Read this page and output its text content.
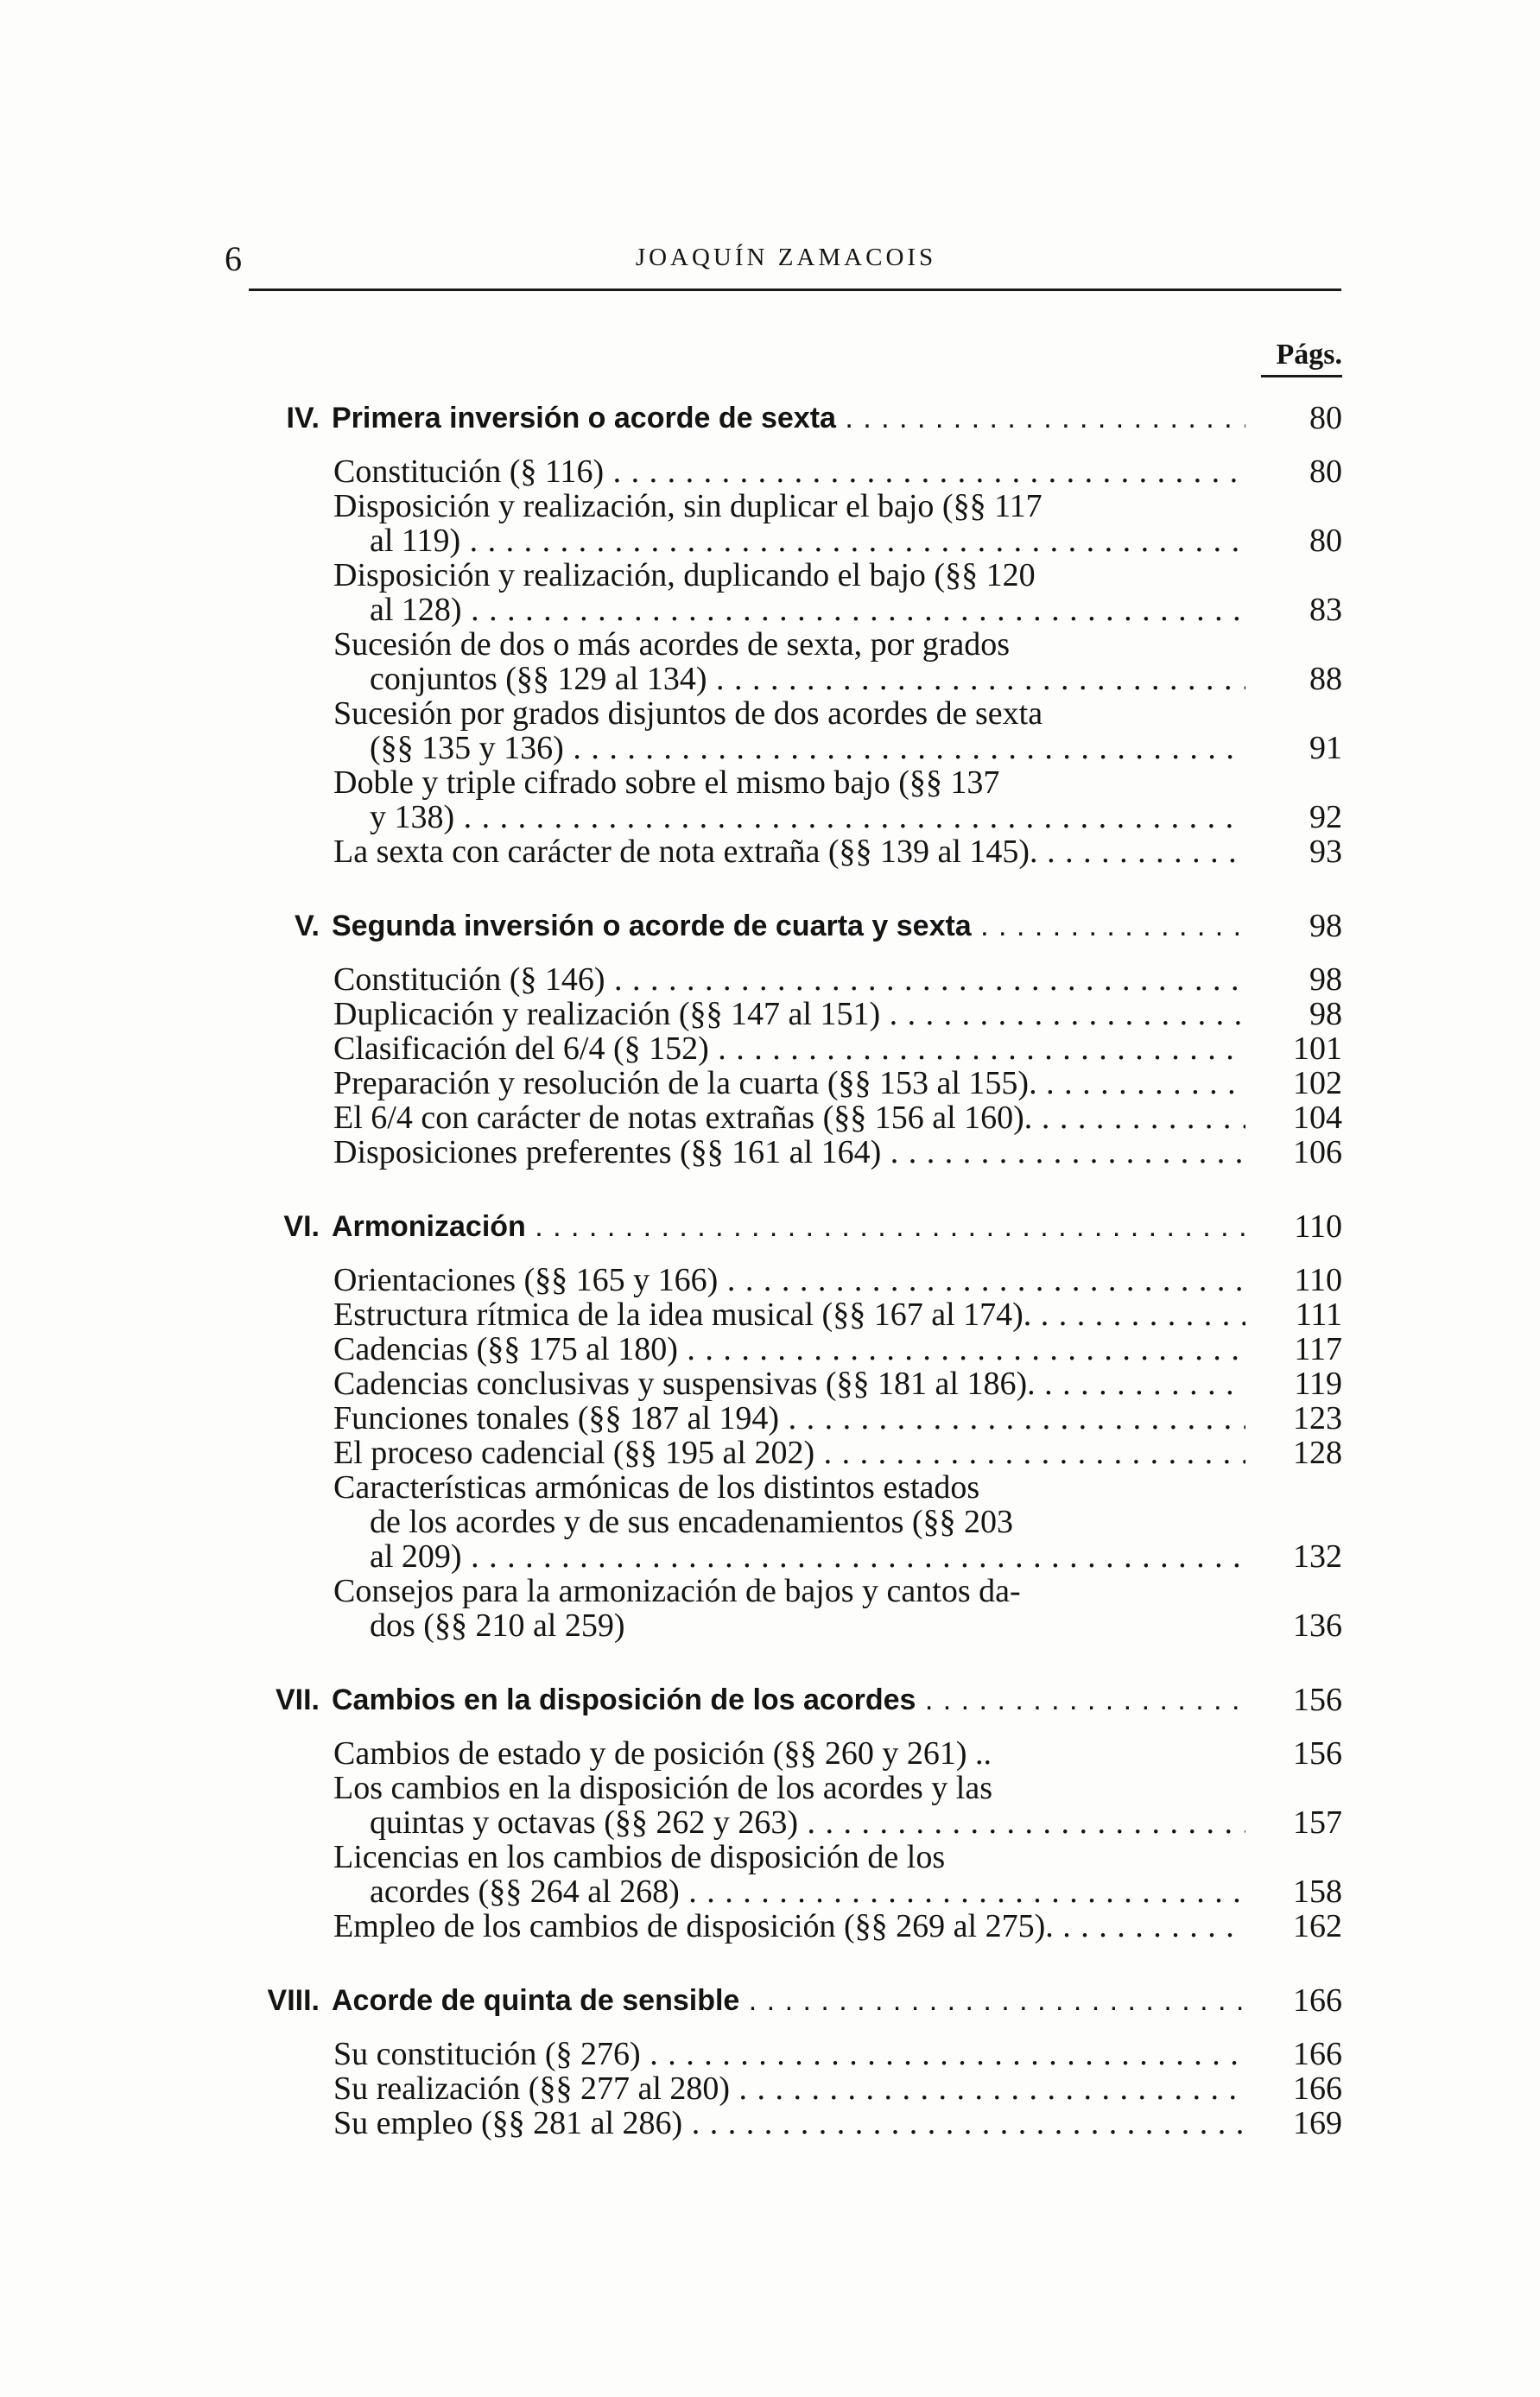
6	JOAQUÍN ZAMACOIS
Págs.
IV. Primera inversión o acorde de sexta . . .	80
Constitución (§ 116) . . .	80
Disposición y realización, sin duplicar el bajo (§§ 117
al 119) . . .	80
Disposición y realización, duplicando el bajo (§§ 120
al 128) . . .	83
Sucesión de dos o más acordes de sexta, por grados
conjuntos (§§ 129 al 134) . . .	88
Sucesión por grados disjuntos de dos acordes de sexta
(§§ 135 y 136) . . .	91
Doble y triple cifrado sobre el mismo bajo (§§ 137
y 138) . . .	92
La sexta con carácter de nota extraña (§§ 139 al 145). . . .	93
V. Segunda inversión o acorde de cuarta y sexta . . .	98
Constitución (§ 146) . . .	98
Duplicación y realización (§§ 147 al 151) . . .	98
Clasificación del 6/4 (§ 152) . . .	101
Preparación y resolución de la cuarta (§§ 153 al 155). . . .	102
El 6/4 con carácter de notas extrañas (§§ 156 al 160). . . .	104
Disposiciones preferentes (§§ 161 al 164) . . .	106
VI. Armonización . . .	110
Orientaciones (§§ 165 y 166) . . .	110
Estructura rítmica de la idea musical (§§ 167 al 174). . . .	111
Cadencias (§§ 175 al 180) . . .	117
Cadencias conclusivas y suspensivas (§§ 181 al 186). . . .	119
Funciones tonales (§§ 187 al 194) . . .	123
El proceso cadencial (§§ 195 al 202) . . .	128
Características armónicas de los distintos estados
de los acordes y de sus encadenamientos (§§ 203
al 209) . . .	132
Consejos para la armonización de bajos y cantos da-
dos (§§ 210 al 259)	136
VII. Cambios en la disposición de los acordes . . .	156
Cambios de estado y de posición (§§ 260 y 261) ..	156
Los cambios en la disposición de los acordes y las
quintas y octavas (§§ 262 y 263) . . .	157
Licencias en los cambios de disposición de los
acordes (§§ 264 al 268) . . .	158
Empleo de los cambios de disposición (§§ 269 al 275). . . .	162
VIII. Acorde de quinta de sensible . . .	166
Su constitución (§ 276) . . .	166
Su realización (§§ 277 al 280) . . .	166
Su empleo (§§ 281 al 286) . . .	169
